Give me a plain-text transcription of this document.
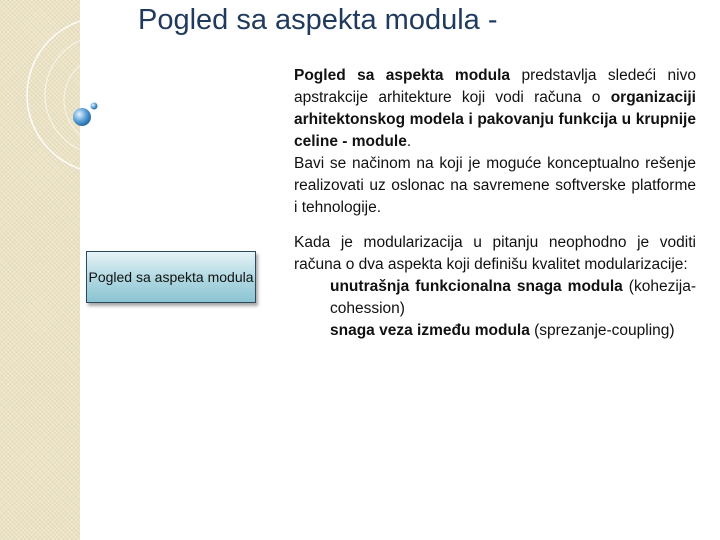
Pogled sa aspekta modula -

Pogled sa aspekta modula predstavlja sledeći nivo apstrakcije arhitekture koji vodi računa o organizaciji arhitektonskog modela i pakovanju funkcija u krupnije celine - module.

Bavi se načinom na koji je moguće konceptualno rešenje realizovati uz oslonac na savremene softverske platforme i tehnologije.

Kada je modularizacija u pitanju neophodno je voditi računa o dva aspekta koji definišu kvalitet modularizacije:

unutrašnja funkcionalna snaga modula (kohezija-cohession)

snaga veza između modula (sprezanje-coupling)

Pogled sa aspekta modula
